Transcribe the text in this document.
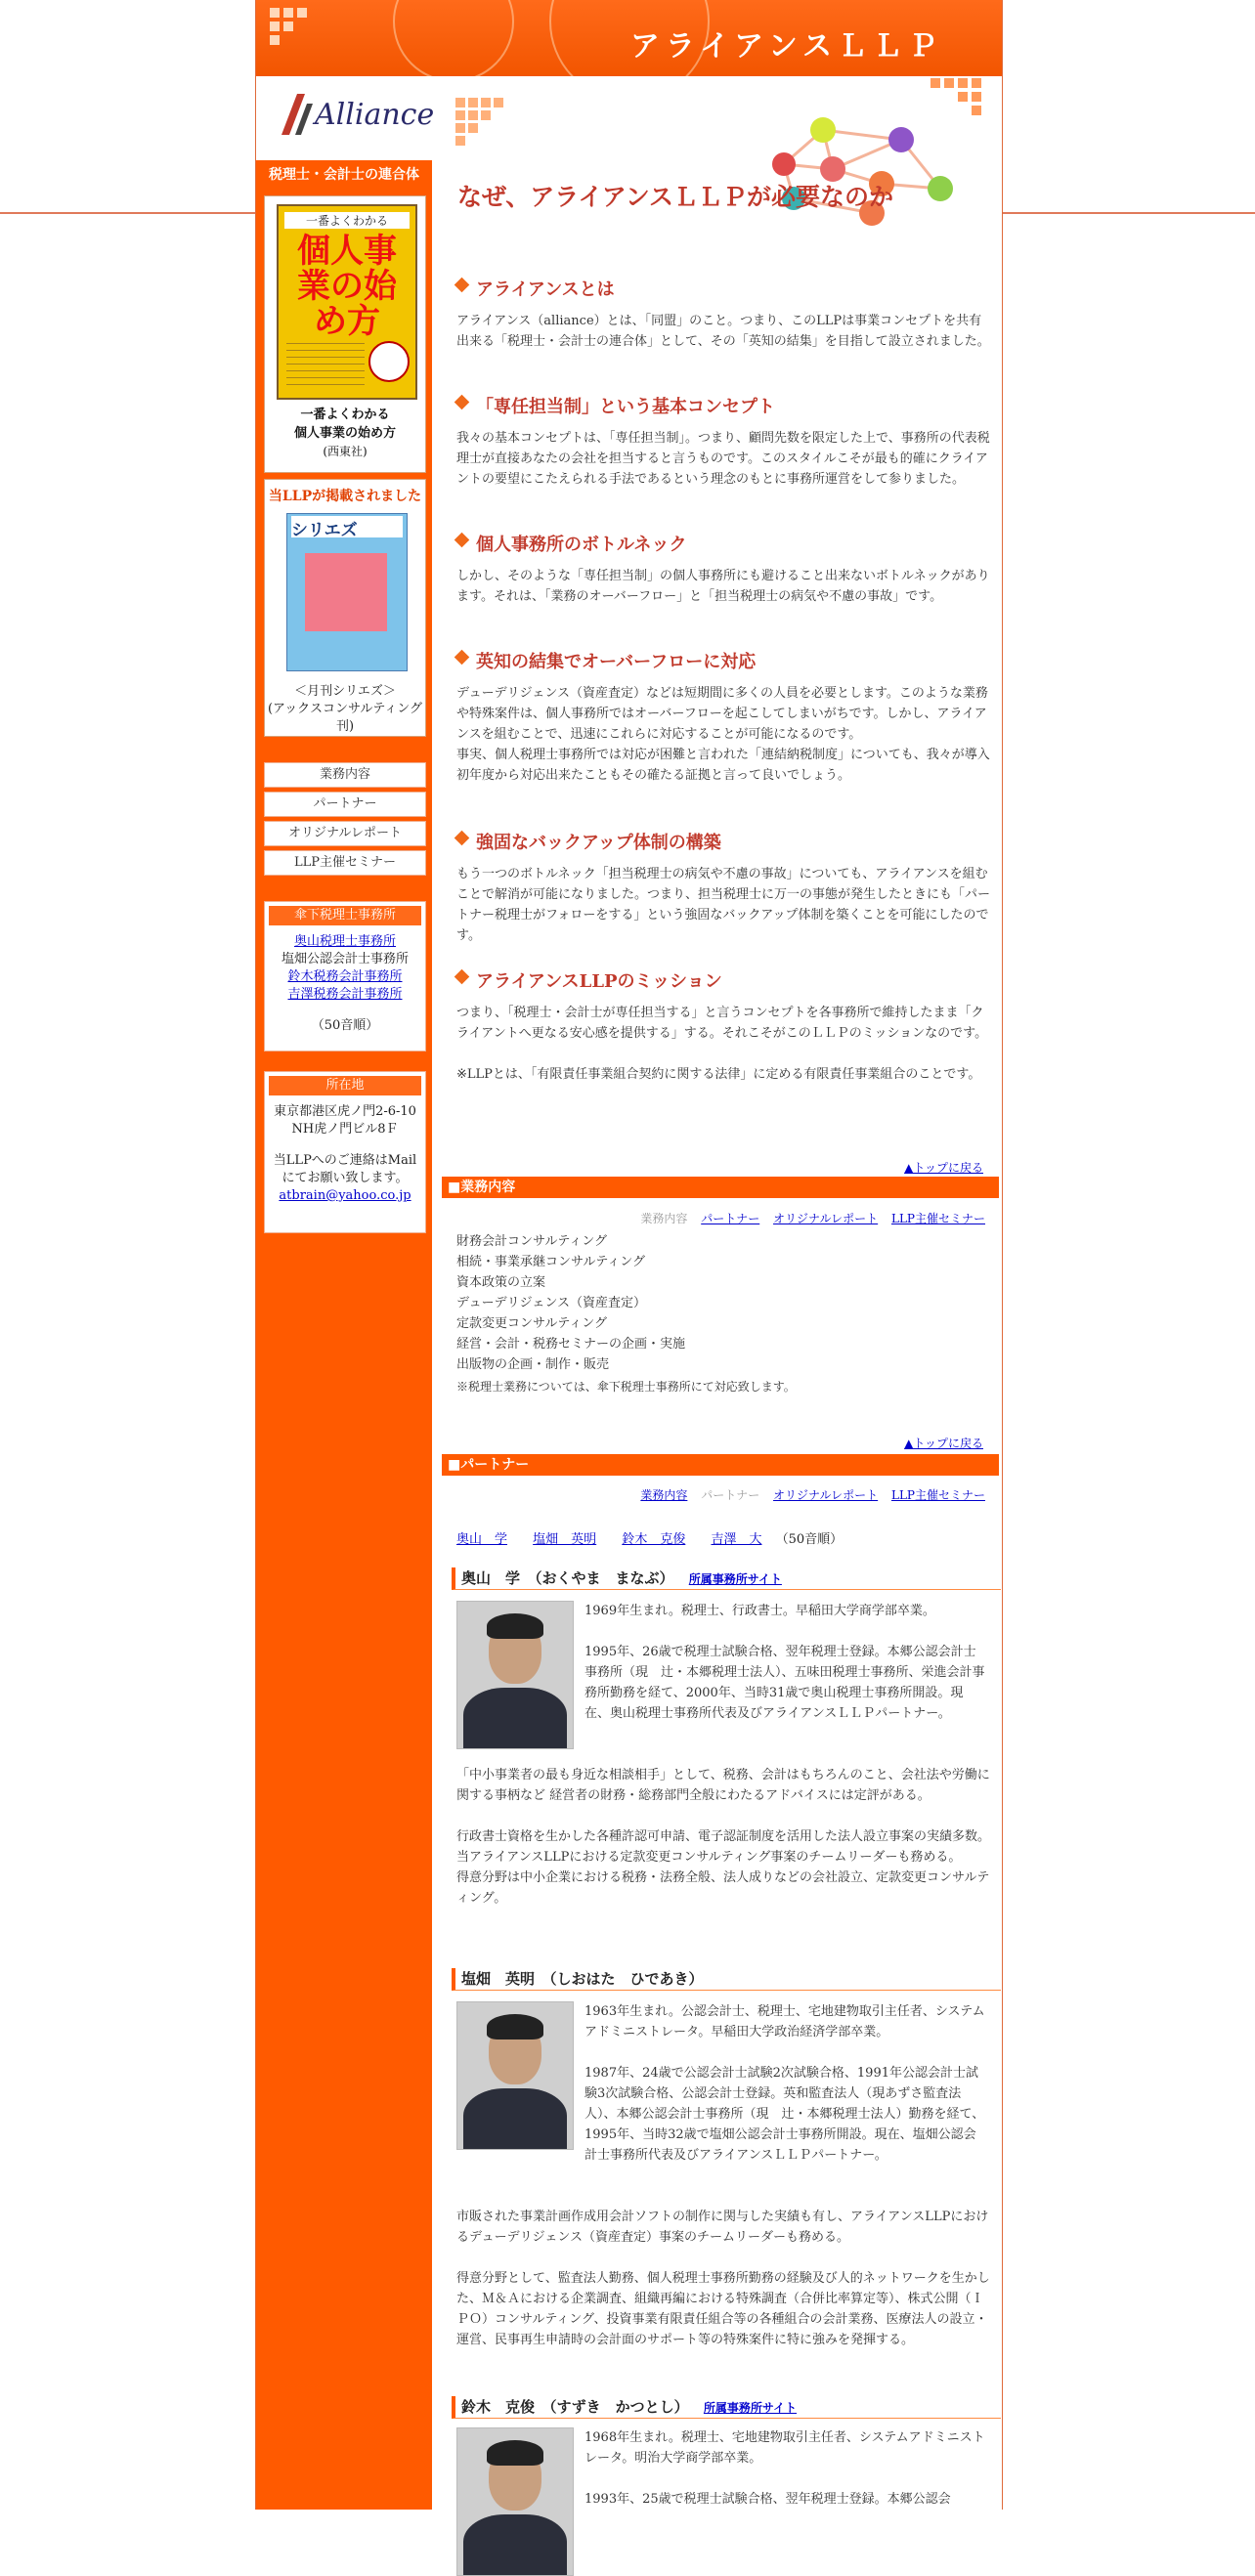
アライアンスＬＬＰ
Alliance
税理士・会計士の連合体
一番よくわかる
個人事業の始め方
一番よくわかる
個人事業の始め方
(西東社)
当LLPが掲載されました
シリエズ
＜月刊シリエズ＞
(アックスコンサルティング刊)
業務内容
パートナー
オリジナルレポート
LLP主催セミナー
傘下税理士事務所
奥山税理士事務所
塩畑公認会計士事務所
鈴木税務会計事務所
吉澤税務会計事務所
（50音順）
所在地
東京都港区虎ノ門2-6-10
NH虎ノ門ビル8Ｆ
当LLPへのご連絡はMailにてお願い致します。
atbrain@yahoo.co.jp
なぜ、アライアンスＬＬＰが必要なのか
アライアンスとは

アライアンス（alliance）とは、「同盟」のこと。つまり、このLLPは事業コンセプトを共有出来る「税理士・会計士の連合体」として、その「英知の結集」を目指して設立されました。

「専任担当制」という基本コンセプト

我々の基本コンセプトは、「専任担当制」。つまり、顧問先数を限定した上で、事務所の代表税理士が直接あなたの会社を担当すると言うものです。このスタイルこそが最も的確にクライアントの要望にこたえられる手法であるという理念のもとに事務所運営をして参りました。

個人事務所のボトルネック

しかし、そのような「専任担当制」の個人事務所にも避けること出来ないボトルネックがあります。それは、「業務のオーバーフロー」と「担当税理士の病気や不慮の事故」です。

英知の結集でオーバーフローに対応

デューデリジェンス（資産査定）などは短期間に多くの人員を必要とします。このような業務や特殊案件は、個人事務所ではオーバーフローを起こしてしまいがちです。しかし、アライアンスを組むことで、迅速にこれらに対応することが可能になるのです。
事実、個人税理士事務所では対応が困難と言われた「連結納税制度」についても、我々が導入初年度から対応出来たこともその確たる証拠と言って良いでしょう。

強固なバックアップ体制の構築

もう一つのボトルネック「担当税理士の病気や不慮の事故」についても、アライアンスを組むことで解消が可能になりました。つまり、担当税理士に万一の事態が発生したときにも「パートナー税理士がフォローをする」という強固なバックアップ体制を築くことを可能にしたのです。

アライアンスLLPのミッション

つまり、「税理士・会計士が専任担当する」と言うコンセプトを各事務所で維持したまま「クライアントへ更なる安心感を提供する」する。それこそがこのＬＬＰのミッションなのです。

※LLPとは、「有限責任事業組合契約に関する法律」に定める有限責任事業組合のことです。

▲トップに戻る
■業務内容
業務内容 パートナー オリジナルレポート LLP主催セミナー
財務会計コンサルティング
相続・事業承継コンサルティング
資本政策の立案
デューデリジェンス（資産査定）
定款変更コンサルティング
経営・会計・税務セミナーの企画・実施
出版物の企画・制作・販売
※税理士業務については、傘下税理士事務所にて対応致します。
▲トップに戻る
■パートナー
業務内容 パートナー オリジナルレポート LLP主催セミナー
奥山　学 塩畑　英明 鈴木　克俊 吉澤　大 （50音順）
奥山　学　（おくやま　まなぶ） 所属事務所サイト
1969年生まれ。税理士、行政書士。早稲田大学商学部卒業。
1995年、26歳で税理士試験合格、翌年税理士登録。本郷公認会計士事務所（現　辻・本郷税理士法人）、五味田税理士事務所、栄進会計事務所勤務を経て、2000年、当時31歳で奥山税理士事務所開設。現在、奥山税理士事務所代表及びアライアンスＬＬＰパートナー。
「中小事業者の最も身近な相談相手」として、税務、会計はもちろんのこと、会社法や労働に関する事柄など 経営者の財務・総務部門全般にわたるアドバイスには定評がある。
行政書士資格を生かした各種許認可申請、電子認証制度を活用した法人設立事案の実績多数。当アライアンスLLPにおける定款変更コンサルティング事案のチームリーダーも務める。
得意分野は中小企業における税務・法務全般、法人成りなどの会社設立、定款変更コンサルティング。
塩畑　英明　（しおはた　ひであき）
1963年生まれ。公認会計士、税理士、宅地建物取引主任者、システムアドミニストレータ。早稲田大学政治経済学部卒業。
1987年、24歳で公認会計士試験2次試験合格、1991年公認会計士試験3次試験合格、公認会計士登録。英和監査法人（現あずさ監査法人）、本郷公認会計士事務所（現　辻・本郷税理士法人）勤務を経て、1995年、当時32歳で塩畑公認会計士事務所開設。現在、塩畑公認会計士事務所代表及びアライアンスＬＬＰパートナー。
市販された事業計画作成用会計ソフトの制作に関与した実績も有し、アライアンスLLPにおけるデューデリジェンス（資産査定）事案のチームリーダーも務める。
得意分野として、監査法人勤務、個人税理士事務所勤務の経験及び人的ネットワークを生かした、Ｍ＆Ａにおける企業調査、組織再編における特殊調査（合併比率算定等）、株式公開（ＩＰＯ）コンサルティング、投資事業有限責任組合等の各種組合の会計業務、医療法人の設立・運営、民事再生申請時の会計面のサポート等の特殊案件に特に強みを発揮する。
鈴木　克俊　（すずき　かつとし） 所属事務所サイト
1968年生まれ。税理士、宅地建物取引主任者、システムアドミニストレータ。明治大学商学部卒業。
1993年、25歳で税理士試験合格、翌年税理士登録。本郷公認会
